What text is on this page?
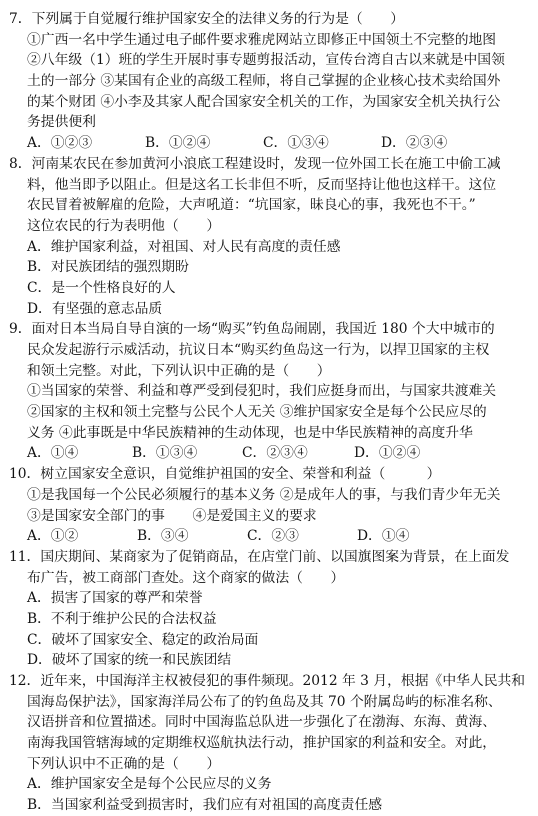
7．下列属于自觉履行维护国家安全的法律义务的行为是（　　）
①广西一名中学生通过电子邮件要求雅虎网站立即修正中国领土不完整的地图
②八年级（1）班的学生开展时事专题剪报活动，宣传台湾自古以来就是中国领
土的一部分 ③某国有企业的高级工程师，将自己掌握的企业核心技术卖给国外
的某个财团 ④小李及其家人配合国家安全机关的工作，为国家安全机关执行公
务提供便利
A．①②③	B．①②④	C．①③④	D．②③④
8．河南某农民在参加黄河小浪底工程建设时，发现一位外国工长在施工中偷工减
料，他当即予以阻止。但是这名工长非但不听，反而坚持让他也这样干。这位
农民冒着被解雇的危险，大声吼道：“坑国家，昧良心的事，我死也不干。”
这位农民的行为表明他（　　）
A．维护国家利益，对祖国、对人民有高度的责任感
B．对民族团结的强烈期盼
C．是一个性格良好的人
D．有坚强的意志品质
9．面对日本当局自导自演的一场“购买”钓鱼岛闹剧，我国近 180 个大中城市的
民众发起游行示威活动，抗议日本“购买约鱼岛这一行为，以捍卫国家的主权
和领土完整。对此，下列认识中正确的是（　　）
①当国家的荣誉、利益和尊严受到侵犯时，我们应挺身而出，与国家共渡难关
②国家的主权和领土完整与公民个人无关 ③维护国家安全是每个公民应尽的
义务 ④此事既是中华民族精神的生动体现，也是中华民族精神的高度升华
A．①④	B．①③④	C．②③④	D．①②④
10．树立国家安全意识，自觉维护祖国的安全、荣誉和利益（　　　）
①是我国每一个公民必须履行的基本义务 ②是成年人的事，与我们青少年无关
③是国家安全部门的事　　④是爱国主义的要求
A．①②	B．③④	C．②③	D．①④
11．国庆期间、某商家为了促销商品，在店堂门前、以国旗图案为背景，在上面发
布广告，被工商部门查处。这个商家的做法（　　）
A．损害了国家的尊严和荣誉
B．不利于维护公民的合法权益
C．破坏了国家安全、稳定的政治局面
D．破坏了国家的统一和民族团结
12．近年来，中国海洋主权被侵犯的事件频现。2012 年 3 月，根据《中华人民共和
国海岛保护法》，国家海洋局公布了的钓鱼岛及其 70 个附属岛屿的标准名称、
汉语拼音和位置描述。同时中国海监总队进一步强化了在渤海、东海、黄海、
南海我国管辖海域的定期维权巡航执法行动，推护国家的利益和安全。对此，
下列认识中不正确的是（　　）
A．维护国家安全是每个公民应尽的义务
B．当国家利益受到损害时，我们应有对祖国的高度责任感
